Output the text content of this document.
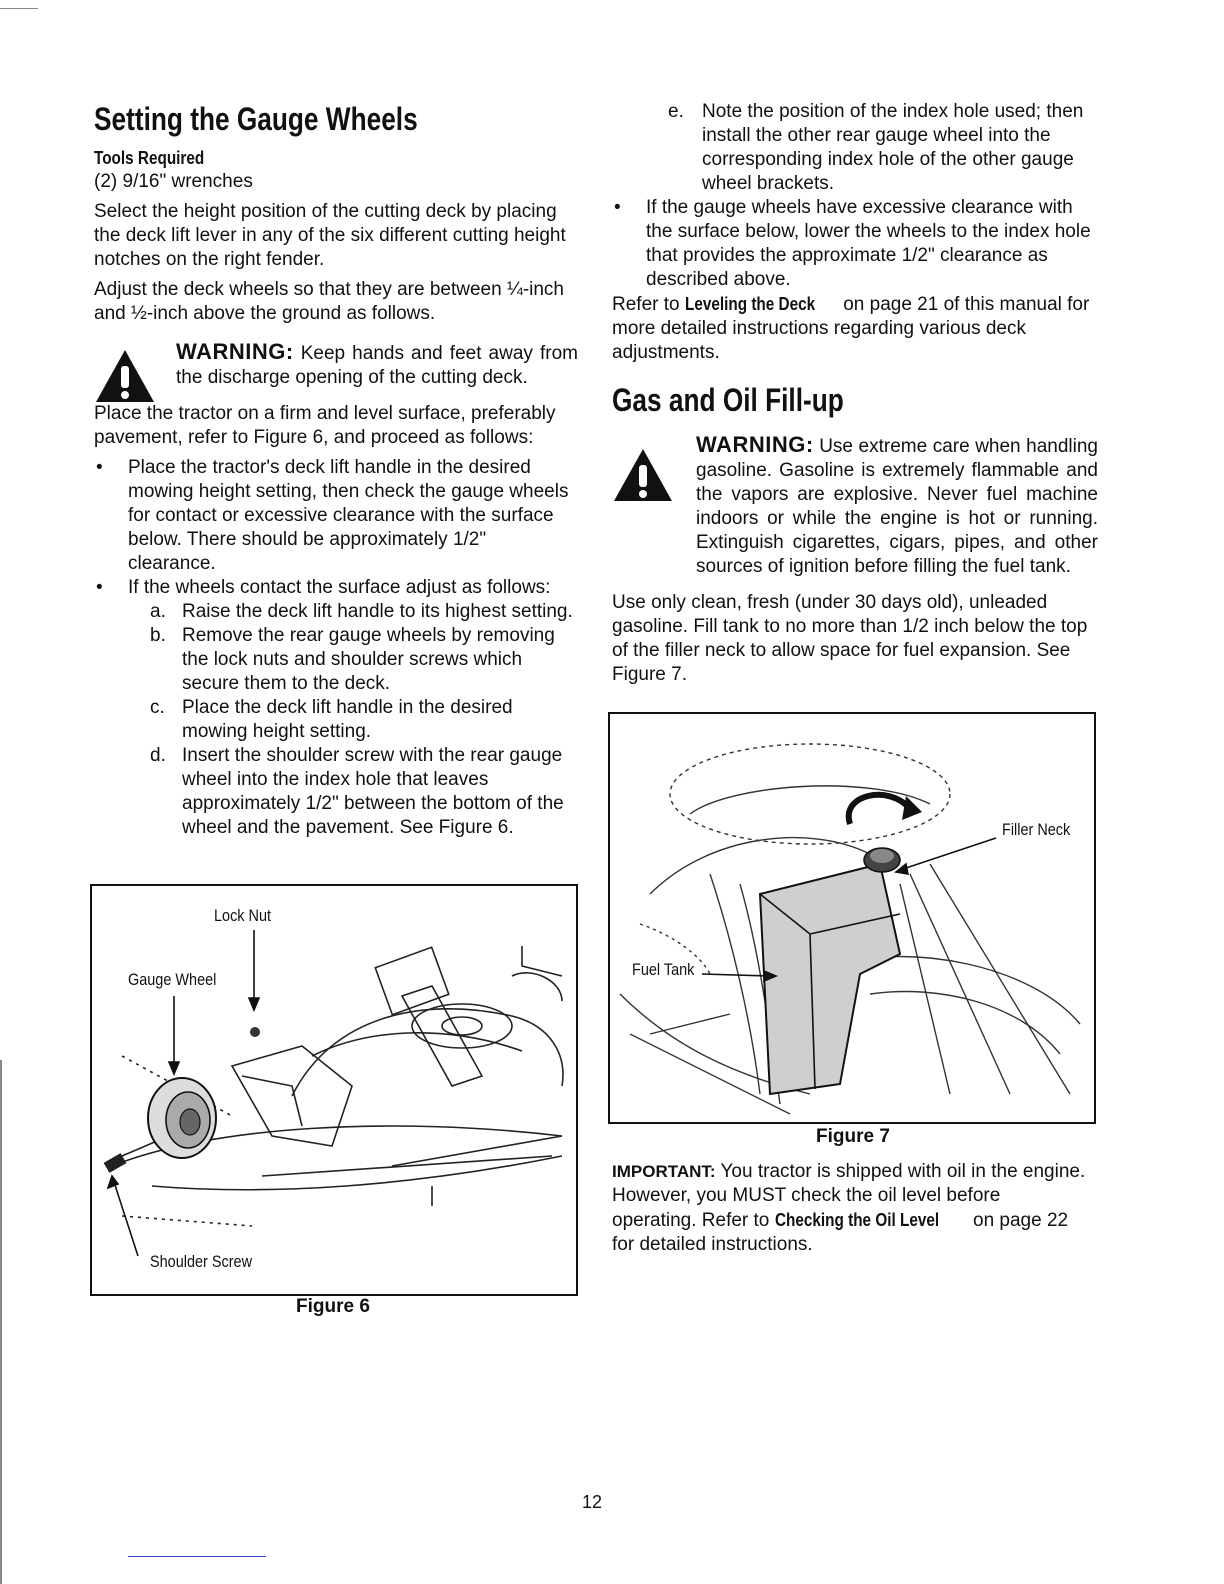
Setting the Gauge Wheels
Tools Required

(2) 9/16" wrenches

Select the height position of the cutting deck by placing the deck lift lever in any of the six different cutting height notches on the right fender.

Adjust the deck wheels so that they are between ¼-inch and ½-inch above the ground as follows.

WARNING: Keep hands and feet away from the discharge opening of the cutting deck.

Place the tractor on a firm and level surface, preferably pavement, refer to Figure 6, and proceed as follows:

• Place the tractor's deck lift handle in the desired mowing height setting, then check the gauge wheels for contact or excessive clearance with the surface below. There should be approximately 1/2" clearance.
• If the wheels contact the surface adjust as follows:
a. Raise the deck lift handle to its highest setting.
b. Remove the rear gauge wheels by removing the lock nuts and shoulder screws which secure them to the deck.
c. Place the deck lift handle in the desired mowing height setting.
d. Insert the shoulder screw with the rear gauge wheel into the index hole that leaves approximately 1/2" between the bottom of the wheel and the pavement. See Figure 6.
Lock Nut
Gauge Wheel
Shoulder Screw
Figure 6
e. Note the position of the index hole used; then install the other rear gauge wheel into the corresponding index hole of the other gauge wheel brackets.
• If the gauge wheels have excessive clearance with the surface below, lower the wheels to the index hole that provides the approximate 1/2" clearance as described above.

Refer to Leveling the Deck on page 21 of this manual for more detailed instructions regarding various deck adjustments.

Gas and Oil Fill-up

WARNING: Use extreme care when handling gasoline. Gasoline is extremely flammable and the vapors are explosive. Never fuel machine indoors or while the engine is hot or running. Extinguish cigarettes, cigars, pipes, and other sources of ignition before filling the fuel tank.

Use only clean, fresh (under 30 days old), unleaded gasoline. Fill tank to no more than 1/2 inch below the top of the filler neck to allow space for fuel expansion. See Figure 7.

Filler Neck
Fuel Tank
Figure 7

IMPORTANT: You tractor is shipped with oil in the engine. However, you MUST check the oil level before operating. Refer to Checking the Oil Level on page 22 for detailed instructions.

12
